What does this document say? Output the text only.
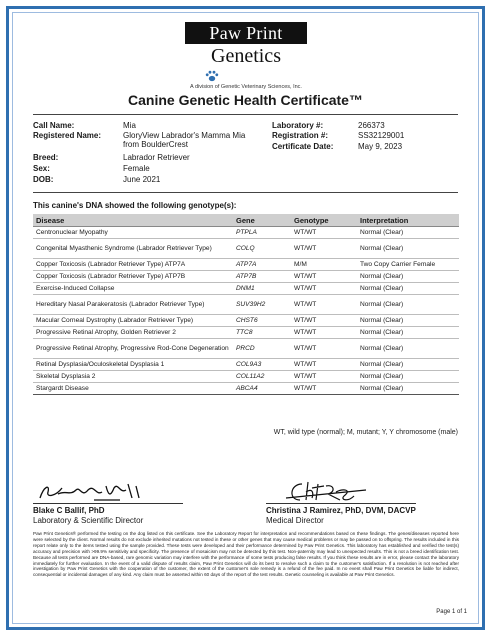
Paw Print
Genetics
A division of Genetic Veterinary Sciences, Inc.
Canine Genetic Health Certificate™
Call Name:	Mia
Registered Name:	GloryView Labrador's Mamma Mia
from BoulderCrest
Breed:	Labrador Retriever
Sex:	Female
DOB:	June 2021
Laboratory #:	266373
Registration #:	SS32129001
Certificate Date:	May 9, 2023
This canine's DNA showed the following genotype(s):
Disease	Gene	Genotype	Interpretation
Centronuclear Myopathy	PTPLA	WT/WT	Normal (Clear)
Congenital Myasthenic Syndrome (Labrador Retriever Type)	COLQ	WT/WT	Normal (Clear)
Copper Toxicosis (Labrador Retriever Type) ATP7A	ATP7A	M/M	Two Copy Carrier Female
Copper Toxicosis (Labrador Retriever Type) ATP7B	ATP7B	WT/WT	Normal (Clear)
Exercise-Induced Collapse	DNM1	WT/WT	Normal (Clear)
Hereditary Nasal Parakeratosis (Labrador Retriever Type)	SUV39H2	WT/WT	Normal (Clear)
Macular Corneal Dystrophy (Labrador Retriever Type)	CHST6	WT/WT	Normal (Clear)
Progressive Retinal Atrophy, Golden Retriever 2	TTC8	WT/WT	Normal (Clear)
Progressive Retinal Atrophy, Progressive Rod-Cone Degeneration	PRCD	WT/WT	Normal (Clear)
Retinal Dysplasia/Oculoskeletal Dysplasia 1	COL9A3	WT/WT	Normal (Clear)
Skeletal Dysplasia 2	COL11A2	WT/WT	Normal (Clear)
Stargardt Disease	ABCA4	WT/WT	Normal (Clear)
WT, wild type (normal); M, mutant; Y, Y chromosome (male)
Blake C Ballif, PhD
Laboratory & Scientific Director
Christina J Ramirez, PhD, DVM, DACVP
Medical Director
Paw Print Genetics® performed the testing on the dog listed on this certificate. See the Laboratory Report for interpretation and recommendations based on these findings. The genes/diseases reported here were selected by the client. Normal results do not exclude inherited mutations not tested in these or other genes that may cause medical problems or may be passed on to offspring. The results included in this report relate only to the items tested using the sample provided. These tests were developed and their performance determined by Paw Print Genetics. This laboratory has established and verified the test(s) accuracy and precision with >99.9% sensitivity and specificity. The presence of mosaicism may not be detected by this test. Non-paternity may lead to unexpected results. This is not a breed identification test. Because all tests performed are DNA-based, rare genomic variation may interfere with the performance of some tests producing false results. If you think these results are in error, please contact the laboratory immediately for further evaluation. In the event of a valid dispute of results claim, Paw Print Genetics will do its best to resolve such a claim to the customer's satisfaction. If a resolution is not reached after investigation by Paw Print Genetics with the cooperation of the customer, the extent of the customer's sole remedy is a refund of the fee paid. In no event shall Paw Print Genetics be liable for indirect, consequential or incidental damages of any kind. Any claim must be asserted within 60 days of the report of the test results. Genetic counseling is available at Paw Print Genetics.
Page 1 of 1
